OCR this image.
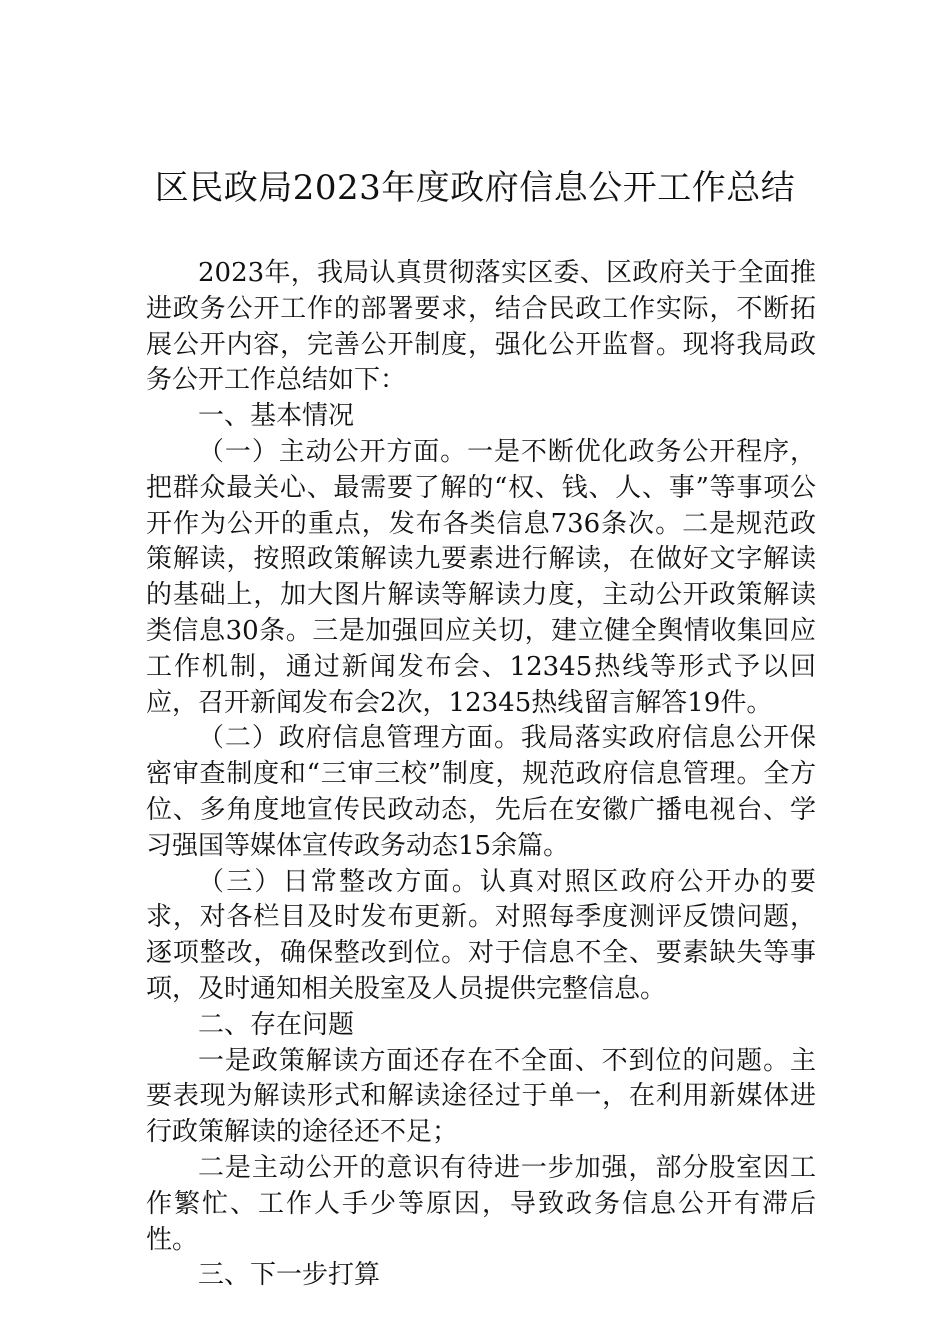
区民政局2023年度政府信息公开工作总结

2023年，我局认真贯彻落实区委、区政府关于全面推进政务公开工作的部署要求，结合民政工作实际，不断拓展公开内容，完善公开制度，强化公开监督。现将我局政务公开工作总结如下：

一、基本情况

（一）主动公开方面。一是不断优化政务公开程序，把群众最关心、最需要了解的“权、钱、人、事”等事项公开作为公开的重点，发布各类信息736条次。二是规范政策解读，按照政策解读九要素进行解读，在做好文字解读的基础上，加大图片解读等解读力度，主动公开政策解读类信息30条。三是加强回应关切，建立健全舆情收集回应工作机制，通过新闻发布会、12345热线等形式予以回应，召开新闻发布会2次，12345热线留言解答19件。

（二）政府信息管理方面。我局落实政府信息公开保密审查制度和“三审三校”制度，规范政府信息管理。全方位、多角度地宣传民政动态，先后在安徽广播电视台、学习强国等媒体宣传政务动态15余篇。

（三）日常整改方面。认真对照区政府公开办的要求，对各栏目及时发布更新。对照每季度测评反馈问题，逐项整改，确保整改到位。对于信息不全、要素缺失等事项，及时通知相关股室及人员提供完整信息。

二、存在问题

一是政策解读方面还存在不全面、不到位的问题。主要表现为解读形式和解读途径过于单一，在利用新媒体进行政策解读的途径还不足；

二是主动公开的意识有待进一步加强，部分股室因工作繁忙、工作人手少等原因，导致政务信息公开有滞后性。

三、下一步打算
